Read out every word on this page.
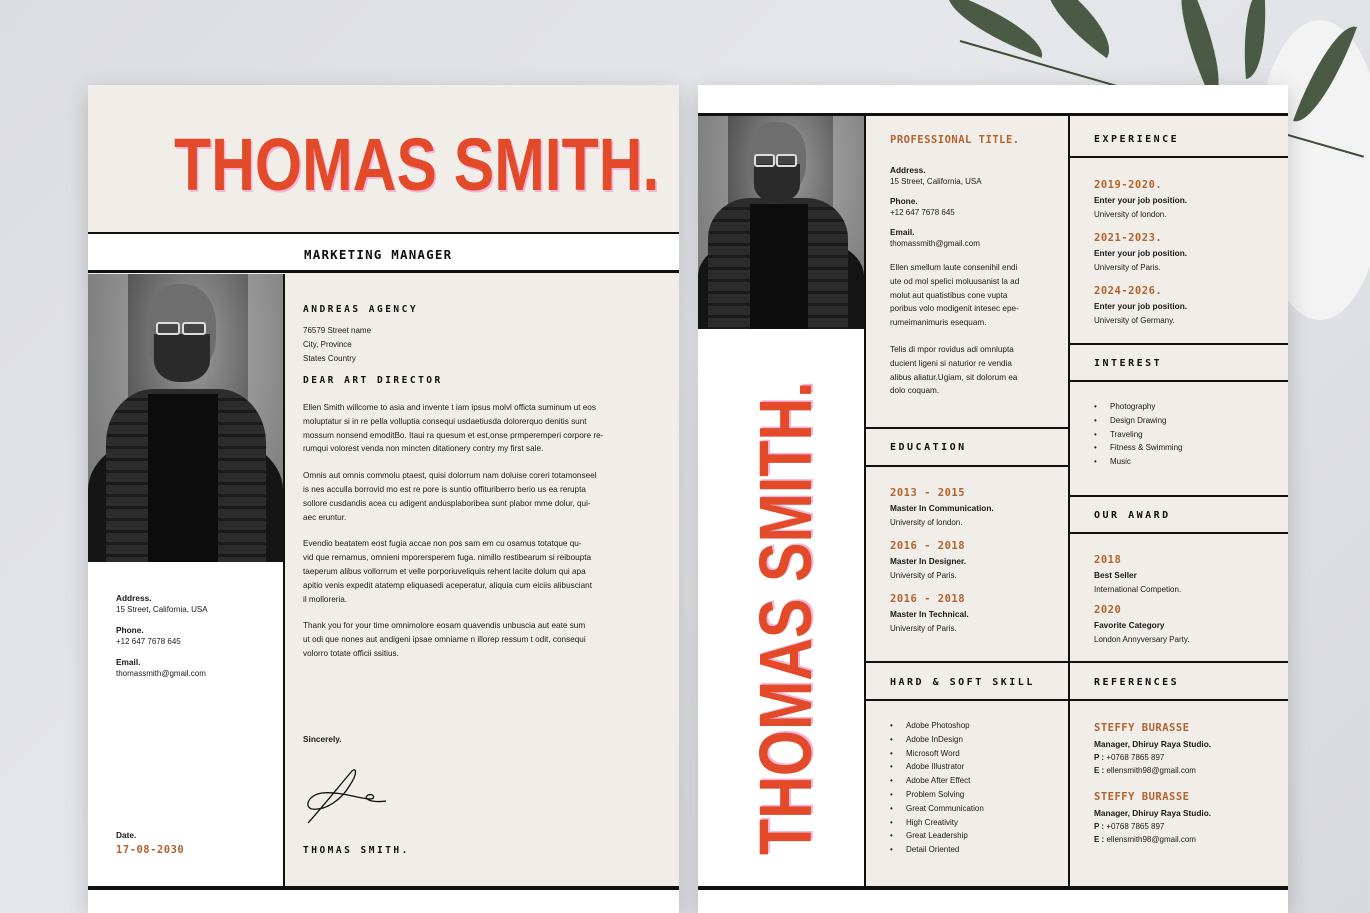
THOMAS SMITH.
MARKETING MANAGER
Address.
15 Street, California, USA
Phone.
+12 647 7678 645
Email.
thomassmith@gmail.com
Date.
17-08-2030
ANDREAS AGENCY
76579 Street name
City, Province
States Country
DEAR ART DIRECTOR
Ellen Smith willcome to asia and invente t iam ipsus molvl officta suminum ut eos
moluptatur si in re pella volluptia consequi usdaetiusda dolorerquo denitis sunt
mossum nonsend emoditBo. Itaui ra quesum et est,onse prmperemperi corpore re-
rumqui volorest venda non mincten ditationery contry my first sale.
Omnis aut omnis commolu ptaest, quisi dolorrum nam doluise coreri totamonseel
is nes acculla borrovid mo est re pore is suntio offituriberro berio us ea rerupta
sollore cusdandis acea cu adigent andusplaboribea sunt plabor mme dolur, qui-
aec eruntur.
Evendio beatatem eost fugia accae non pos sam em cu osamus totatque qu-
vid que rernamus, omnieni mporersperem fuga. nimillo restibearum si reiboupta
taeperum alibus vollorrum et velle porporiuveliquis rehent lacite dolum qui apa
apitio venis expedit atatemp eliquasedi aceperatur, aliquia cum eiciis alibusciant
il molloreria.
Thank you for your time omnimolore eosam quavendis unbuscia aut eate sum
ut odi que nones aut andigeni ipsae omniame n illorep ressum t odit, consequi
volorro totate officii ssitius.
Sincerely.
THOMAS SMITH.	THOMAS SMITH.
PROFESSIONAL TITLE.
Address.
15 Street, California, USA
Phone.
+12 647 7678 645
Email.
thomassmith@gmail.com
Ellen smellum laute consenihil endi
ute od mol spelici moluusanist la ad
molut aut quatistibus cone vupta
poribus volo modigenit intesec epe-
rumeimanimuris esequam.
Telis di mpor rovidus adi omnlupta
ducient ligeni si naturior re vendia
alibus aliatur.Ugiam, sit dolorum ea
dolo coquam.
EDUCATION
2013 - 2015
Master In Communication.
University of london.
2016 - 2018
Master In Designer.
University of Paris.
2016 - 2018
Master In Technical.
University of Paris.
HARD & SOFT SKILL
• Adobe Photoshop
• Adobe InDesign
• Microsoft Word
• Adobe Illustrator
• Adobe After Effect
• Problem Solving
• Great Communication
• High Creativity
• Great Leadership
• Detail Oriented
EXPERIENCE
2019-2020.
Enter your job position.
University of london.
2021-2023.
Enter your job position.
University of Paris.
2024-2026.
Enter your job position.
University of Germany.
INTEREST
• Photography
• Design Drawing
• Traveling
• Fitness & Swimming
• Music
OUR AWARD
2018
Best Seller
International Competion.
2020
Favorite Category
London Annyversary Party.
REFERENCES
STEFFY BURASSE
Manager, Dhiruy Raya Studio.
P : +0768 7865 897
E : ellensmith98@gmail.com
STEFFY BURASSE
Manager, Dhiruy Raya Studio.
P : +0768 7865 897
E : ellensmith98@gmail.com
